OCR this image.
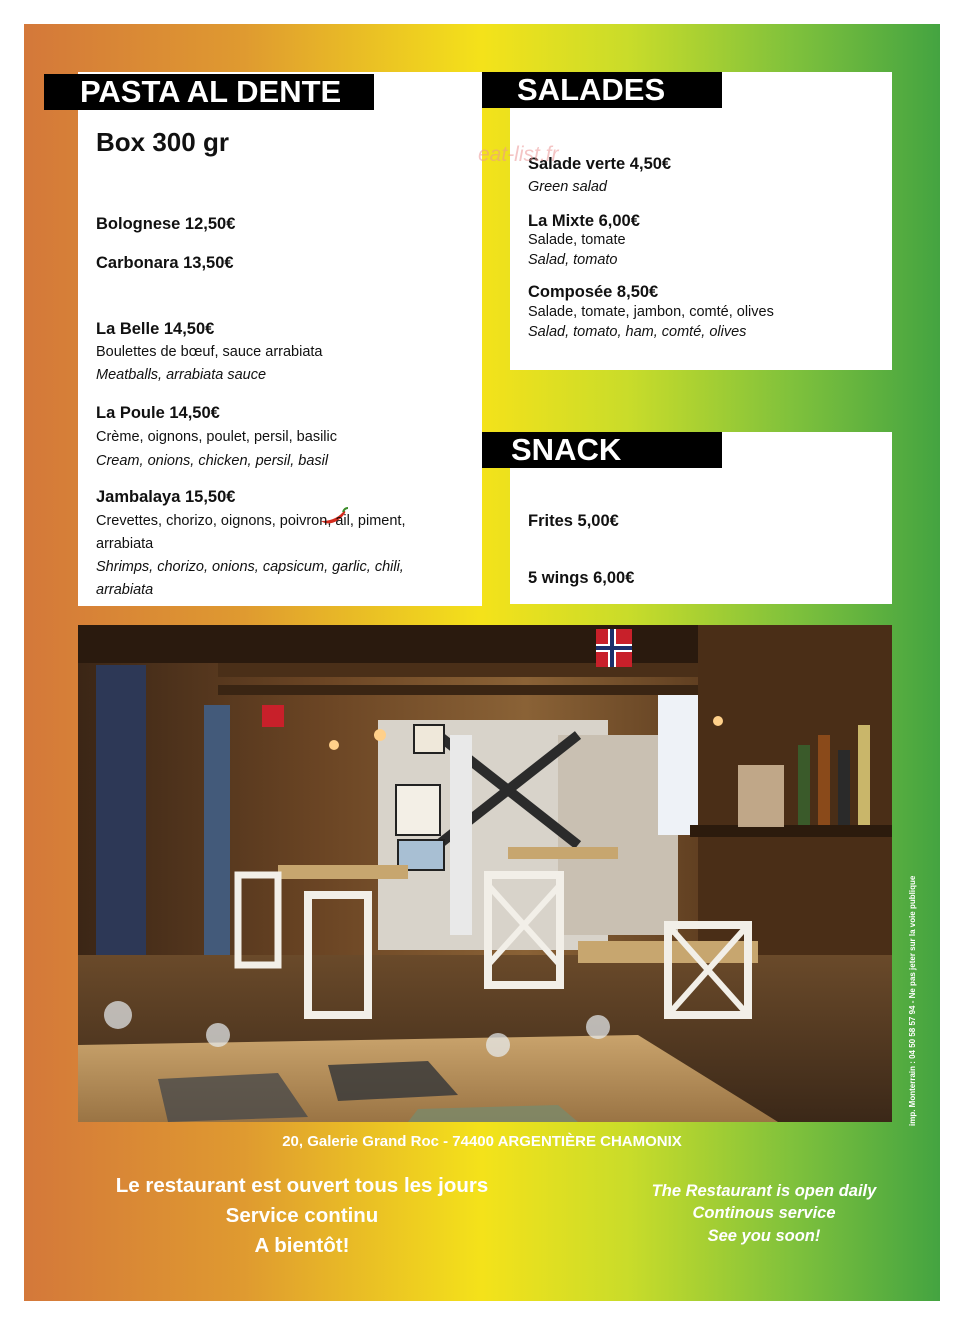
Box 300 gr
Bolognese 12,50€
Carbonara 13,50€
La Belle 14,50€
Boulettes de bœuf, sauce arrabiata
Meatballs, arrabiata sauce
La Poule 14,50€
Crème, oignons, poulet, persil, basilic
Cream, onions, chicken, persil, basil
Jambalaya 15,50€
Crevettes, chorizo, oignons, poivron, ail, piment,
arrabiata
Shrimps, chorizo, onions, capsicum, garlic, chili,
arrabiata
Salade verte 4,50€
Green salad
La Mixte 6,00€
Salade, tomate
Salad, tomato
Composée 8,50€
Salade, tomate, jambon, comté, olives
Salad, tomato, ham, comté, olives
Frites 5,00€
5 wings 6,00€
PASTA AL DENTE	SALADES
SNACK
eat-list.fr
20, Galerie Grand Roc - 74400 ARGENTIÈRE CHAMONIX
Le restaurant est ouvert tous les jours
Service continu
A bientôt!
The Restaurant is open daily
Continous service
See you soon!
imp. Monterrain : 04 50 58 57 94 - Ne pas jeter sur la voie publique
